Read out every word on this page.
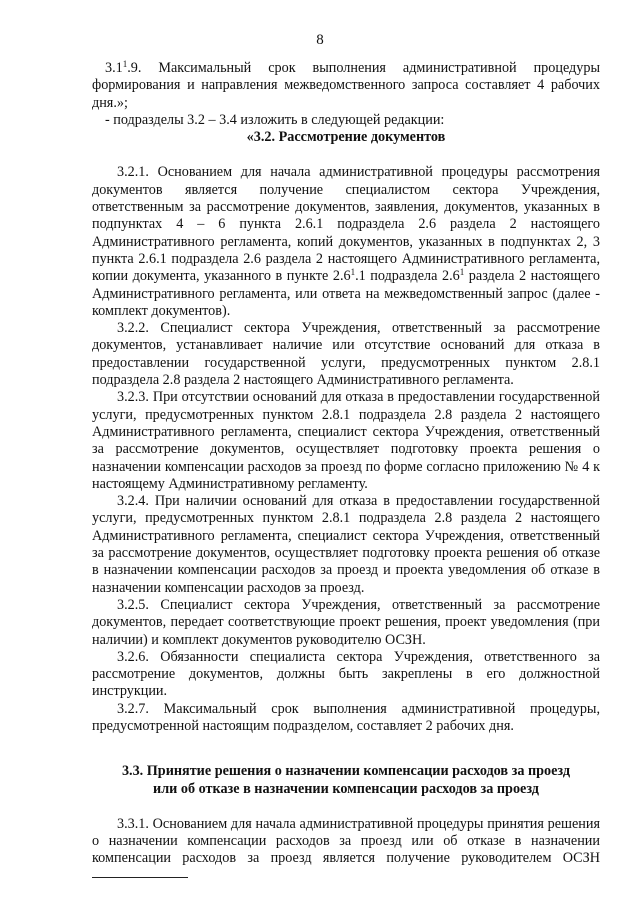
8

$3.1^1.9$. Максимальный срок выполнения административной процедуры формирования и направления межведомственного запроса составляет 4 рабочих дня.»;

- подразделы 3.2 – 3.4 изложить в следующей редакции:

«3.2. Рассмотрение документов

3.2.1. Основанием для начала административной процедуры рассмотрения документов является получение специалистом сектора Учреждения, ответственным за рассмотрение документов, заявления, документов, указанных в подпунктах 4 – 6 пункта 2.6.1 подраздела 2.6 раздела 2 настоящего Административного регламента, копий документов, указанных в подпунктах 2, 3 пункта 2.6.1 подраздела 2.6 раздела 2 настоящего Административного регламента, копии документа, указанного в пункте $2.6^1.1$ подраздела $2.6^1$ раздела 2 настоящего Административного регламента, или ответа на межведомственный запрос (далее - комплект документов).

3.2.2. Специалист сектора Учреждения, ответственный за рассмотрение документов, устанавливает наличие или отсутствие оснований для отказа в предоставлении государственной услуги, предусмотренных пунктом 2.8.1 подраздела 2.8 раздела 2 настоящего Административного регламента.

3.2.3. При отсутствии оснований для отказа в предоставлении государственной услуги, предусмотренных пунктом 2.8.1 подраздела 2.8 раздела 2 настоящего Административного регламента, специалист сектора Учреждения, ответственный за рассмотрение документов, осуществляет подготовку проекта решения о назначении компенсации расходов за проезд по форме согласно приложению № 4 к настоящему Административному регламенту.

3.2.4. При наличии оснований для отказа в предоставлении государственной услуги, предусмотренных пунктом 2.8.1 подраздела 2.8 раздела 2 настоящего Административного регламента, специалист сектора Учреждения, ответственный за рассмотрение документов, осуществляет подготовку проекта решения об отказе в назначении компенсации расходов за проезд и проекта уведомления об отказе в назначении компенсации расходов за проезд.

3.2.5. Специалист сектора Учреждения, ответственный за рассмотрение документов, передает соответствующие проект решения, проект уведомления (при наличии) и комплект документов руководителю ОСЗН.

3.2.6. Обязанности специалиста сектора Учреждения, ответственного за рассмотрение документов, должны быть закреплены в его должностной инструкции.

3.2.7. Максимальный срок выполнения административной процедуры, предусмотренной настоящим подразделом, составляет 2 рабочих дня.

3.3. Принятие решения о назначении компенсации расходов за проезд

или об отказе в назначении компенсации расходов за проезд

3.3.1. Основанием для начала административной процедуры принятия решения о назначении компенсации расходов за проезд или об отказе в назначении компенсации расходов за проезд является получение руководителем ОСЗН
